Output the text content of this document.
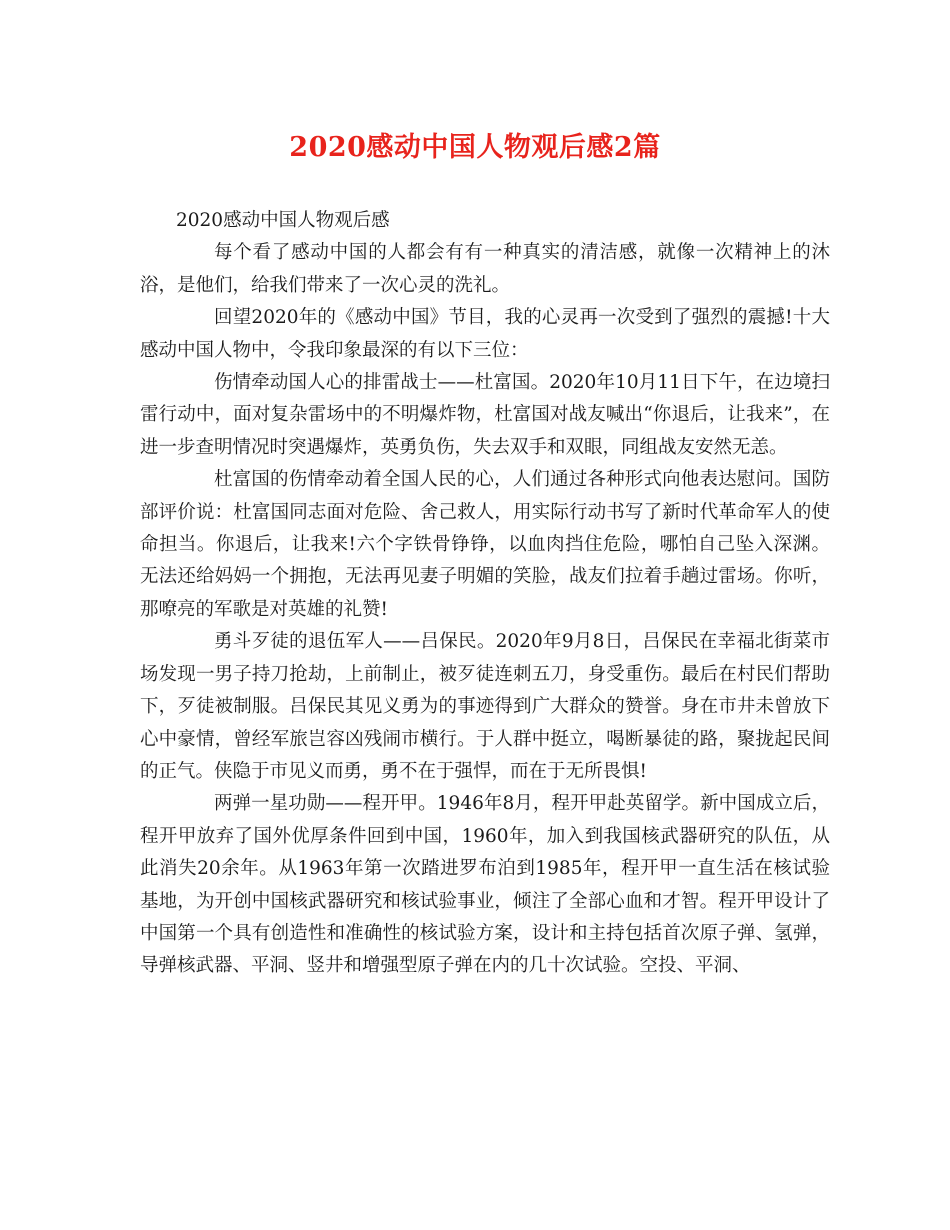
2020感动中国人物观后感2篇

2020感动中国人物观后感

每个看了感动中国的人都会有有一种真实的清洁感，就像一次精神上的沐浴，是他们，给我们带来了一次心灵的洗礼。

回望2020年的《感动中国》节目，我的心灵再一次受到了强烈的震撼!十大感动中国人物中，令我印象最深的有以下三位：

伤情牵动国人心的排雷战士——杜富国。2020年10月11日下午，在边境扫雷行动中，面对复杂雷场中的不明爆炸物，杜富国对战友喊出“你退后，让我来”，在进一步查明情况时突遇爆炸，英勇负伤，失去双手和双眼，同组战友安然无恙。

杜富国的伤情牵动着全国人民的心，人们通过各种形式向他表达慰问。国防部评价说：杜富国同志面对危险、舍己救人，用实际行动书写了新时代革命军人的使命担当。你退后，让我来!六个字铁骨铮铮，以血肉挡住危险，哪怕自己坠入深渊。无法还给妈妈一个拥抱，无法再见妻子明媚的笑脸，战友们拉着手趟过雷场。你听，那嘹亮的军歌是对英雄的礼赞!

勇斗歹徒的退伍军人——吕保民。2020年9月8日，吕保民在幸福北街菜市场发现一男子持刀抢劫，上前制止，被歹徒连刺五刀，身受重伤。最后在村民们帮助下，歹徒被制服。吕保民其见义勇为的事迹得到广大群众的赞誉。身在市井未曾放下心中豪情，曾经军旅岂容凶残闹市横行。于人群中挺立，喝断暴徒的路，聚拢起民间的正气。侠隐于市见义而勇，勇不在于强悍，而在于无所畏惧!

两弹一星功勋——程开甲。1946年8月，程开甲赴英留学。新中国成立后，程开甲放弃了国外优厚条件回到中国，1960年，加入到我国核武器研究的队伍，从此消失20余年。从1963年第一次踏进罗布泊到1985年，程开甲一直生活在核试验基地，为开创中国核武器研究和核试验事业，倾注了全部心血和才智。程开甲设计了中国第一个具有创造性和准确性的核试验方案，设计和主持包括首次原子弹、氢弹，导弹核武器、平洞、竖井和增强型原子弹在内的几十次试验。空投、平洞、
